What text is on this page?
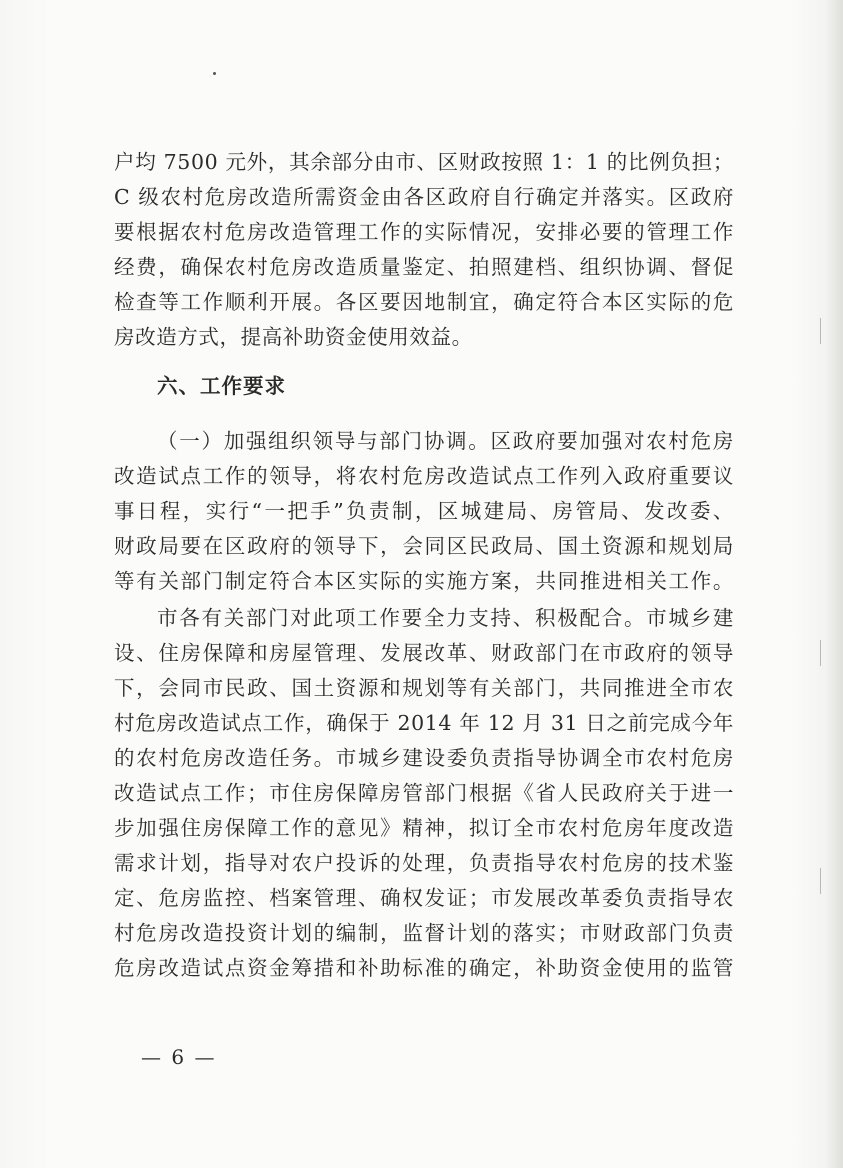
户均 7500 元外，其余部分由市、区财政按照 1：1 的比例负担；
C 级农村危房改造所需资金由各区政府自行确定并落实。区政府
要根据农村危房改造管理工作的实际情况，安排必要的管理工作
经费，确保农村危房改造质量鉴定、拍照建档、组织协调、督促
检查等工作顺利开展。各区要因地制宜，确定符合本区实际的危
房改造方式，提高补助资金使用效益。
六、工作要求
（一）加强组织领导与部门协调。区政府要加强对农村危房
改造试点工作的领导，将农村危房改造试点工作列入政府重要议
事日程，实行“一把手”负责制，区城建局、房管局、发改委、
财政局要在区政府的领导下，会同区民政局、国土资源和规划局
等有关部门制定符合本区实际的实施方案，共同推进相关工作。
市各有关部门对此项工作要全力支持、积极配合。市城乡建
设、住房保障和房屋管理、发展改革、财政部门在市政府的领导
下，会同市民政、国土资源和规划等有关部门，共同推进全市农
村危房改造试点工作，确保于 2014 年 12 月 31 日之前完成今年
的农村危房改造任务。市城乡建设委负责指导协调全市农村危房
改造试点工作；市住房保障房管部门根据《省人民政府关于进一
步加强住房保障工作的意见》精神，拟订全市农村危房年度改造
需求计划，指导对农户投诉的处理，负责指导农村危房的技术鉴
定、危房监控、档案管理、确权发证；市发展改革委负责指导农
村危房改造投资计划的编制，监督计划的落实；市财政部门负责
危房改造试点资金筹措和补助标准的确定，补助资金使用的监管
— 6 —
